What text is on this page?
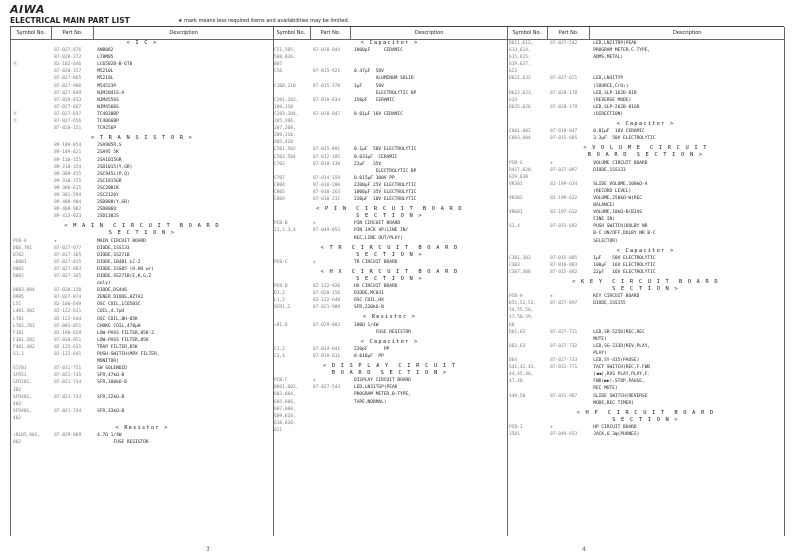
AIWA
ELECTRICAL MAIN PART LIST	★ mark means less required items and availabilities may be limited.
Symbol No.	Part No.	Description
< I C >
87-027-876	AN8082
87-020-372	L78M05
Ⓡ	82-102-646	LC6502B-B-6T0
87-020-157	M5210L
87-027-865	M5218L
87-027-906	M54523P
87-027-849	NJM2041S-A
87-020-833	NJM4556S
87-027-667	NJM4560S
Ⓡ	87-027-837	TC4030BP
Ⓡ	87-027-656	TC4066BP
87-020-151	TC9256P
< T R A N S I S T O R >
89-109-854	2SA985R,S
89-109-621	2SA95 5K
89-110-155	2SA1015GR
89-210-154	2SD1015(Y,GR)
89-309-455	2SC945L(P,Q)
89-310-155	2SC1815GR
89-306-615	2SC2001K
89-301-594	2SC2120Y
89-408-904	2SD880(Y,GR)
89-408-982	2SD886Q
89-413-023	2SD1302S
< M A I N  C I R C U I T  B O A R D
S E C T I O N >
PCB-A	★	MAIN CIRCUIT BOARD
D66,701	87-027-077	DIODE,1SS133
D702	87-017-365	DIODE,SS271B
⚠D801	87-027-815	DIODE,1B4B1 LC-2
D802	87-027-983	DIODE,1SS05 (H.HU wr)
D882	87-027-365	DIODE,SS271B(E,K,G,Z
only)
D883,884	87-020-120	DIODE,DS446
D985	87-027-874	ZENER DIODE,HZ7A2
L51	82-106-649	OSC COIL,LC6503C
L401,402	82-122-631	COIL,4.7μH
L701	82-122-644	OSC COIL,BH-85K
L702,703	87-003-051	CHOKE COIL,470μH
F101	82-190-629	LOW-PASS FILTER,85K-2
F301,302	87-030-051	LOW-PASS FILTER,85K
F401,402	82-125-631	TRAP FILTER,85K
S1,2	82-122-641	PUSH-SWITCH(MPX FILTER,
MONITOR)
S1701	87-031-751	SW SOLENOID
SFR51	87-021-745	SFR,47kΩ-B
SFR101,	87-021-734	SFR,100kΩ-B
102
SFR401,	87-021-743	SFR,22kΩ-B
402
SFR401,	87-021-744	SFR,33kΩ-B
402
< Resistor >
⚠R105,801,	87-029-089	4.7Ω 1/4W
802	FUSE RESISTOR
Symbol No.	Part No.	Description
< Capacitor >
C51,505,	87-018-044	1000pF     CERAMIC
508,836,
807
C56	87-015-921	0.47μF  50V
ALUMINUM SOLID
C108,110	87-015-378	1μF     50V
ELECTROLYTIC BP
C201,202,	87-018-034	150pF   CERAMIC
109,310
C203,204,	87-018-047	0.01μF 16V CERAMIC
205,206,
207,208,
209,210,
405,410
C501,502	87-015-891	0.1μF  50V ELECTROLYTIC
C503,504	87-012-185	0.033μF  CERAMIC
C703	87-010-138	22μF   35V
ELECTROLYTIC BP
C707	87-014-159	0.015μF 100V PP
C804	87-010-206	2200μF 25V ELECTROLYTIC
C805	87-010-263	1000μF 35V ELECTROLYTIC
C809	87-010-231	220μF  10V ELECTROLYTIC
< P I N  C I R C U I T  B O A R D
S E C T I O N >
PCB-B	★	PIN CIRCUIT BOARD
J1,2,3,4	87-049-053	PIN JACK 4P(LINE IN/
REC,LINE OUT/PLAY)
< T R  C I R C U I T  B O A R D
S E C T I O N >
PCB-C	★	TR CIRCUIT BOARD
< H X  C I R C U I T  B O A R D
S E C T I O N >
PCB-D	82-122-920	HX CIRCUIT BOARD
D1,2	87-020-156	DIODE,MC831
L1,2	82-122-648	OSC COIL,HX
SFR1,2	87-021-989	SFR,220kΩ-B
< Resistor >
⚠R1,6	87-029-082	100Ω 1/4W
FUSE RESISTOR
< Capacitor >
C1,2	87-014-041	220pF      PP
C3,4	87-018-611	0.018μF  PP
< D I S P L A Y  C I R C U I T
B O A R D  S E C T I O N >
PCB-F	★	DISPLAY CIRCUIT BOARD
D601,602,	87-027-543	LED,LN31TGP(PEAK
603,604,	PROGRAM METER,B-TYPE,
605,606,	TAPE,NORMAL)
607,608,
609,610,
618,620,
621
Symbol No.	Part No.	Description
D611,612,	87-027-542	LED,LN21TRP(PEAK
613,614,	PROGRAM METER,C-TYPE,
615,615,	ADMS,METAL)
619,627,
623
D621,632	87-027-671	LED,LN41TYP
(SOURCE,CrO₂)
D622,623,	87-020-178	LED,SLP-162D-81R
624	(REVERSE MODE)
D625,626	87-020-179	LED,SLP-262B-81GR
(DIRECTION)
< Capacitor >
C601,602	87-018-047	0.01μF  16V CERAMIC
C603,604	87-015-885	3.3μF  50V ELECTROLYTIC
< V O L U M E  C I R C U I T
B O A R D  S E C T I O N >
PCB-G	★	VOLUME CIRCUIT BOARD
D417,628,	87-027-097	DIODE,1SS133
629,630
VR301	82-199-634	SLIDE VOLUME,100kΩ-A
(RECORD LEVEL)
VR302	82-199-632	VOLUME,250kΩ-W(REC
BALANCE)
VR601	82-197-632	VOLUME,10kΩ-B(BIAS
FINE IN)
S2,4	87-031-692	PUSH SWITCH(DOLBY NR
B-C ON/OFF,DOLBY NR B-C
SELECTOR)
< Capacitor >
C301,302	87-015-885	1μF    50V ELECTROLYTIC
C303	87-010-883	100μF  16V ELECTROLYTIC
C307,308	87-015-882	22μF   16V ELECTROLYTIC
< K E Y  C I R C U I T  B O A R D
S E C T I O N >
PCB-H	★	KEY CIRCUIT BOARD
D51,52,53,	87-027-097	DIODE,1SS155
54,55,56,
57,58,59,
60
D61,63	87-027-731	LED,SR-525D(REC,REC
MUTE)
D62,63	87-027-732	LED,SG-233D(REV,PLAY,
PLAY)
D64	87-027-733	LED,SY-435(PAUSE)
S41,42,43,	87-031-771	TACT SWITCH(REC,F.FWD
44,45,46,	(◀◀),RVS PLAY,PLAY,F.
47,48	FWD(▶▶),STOP,PAUSE,
REC MUTE)
S49,50	87-031-907	SLIDE SWITCH(REVERSE
MODE,REC TIMER)
< H P  C I R C U I T  B O A R D
S E C T I O N >
PCB-I	★	HP CIRCUIT BOARD
J501	87-049-653	JACK,6.3φ(PHONES)
3	4
